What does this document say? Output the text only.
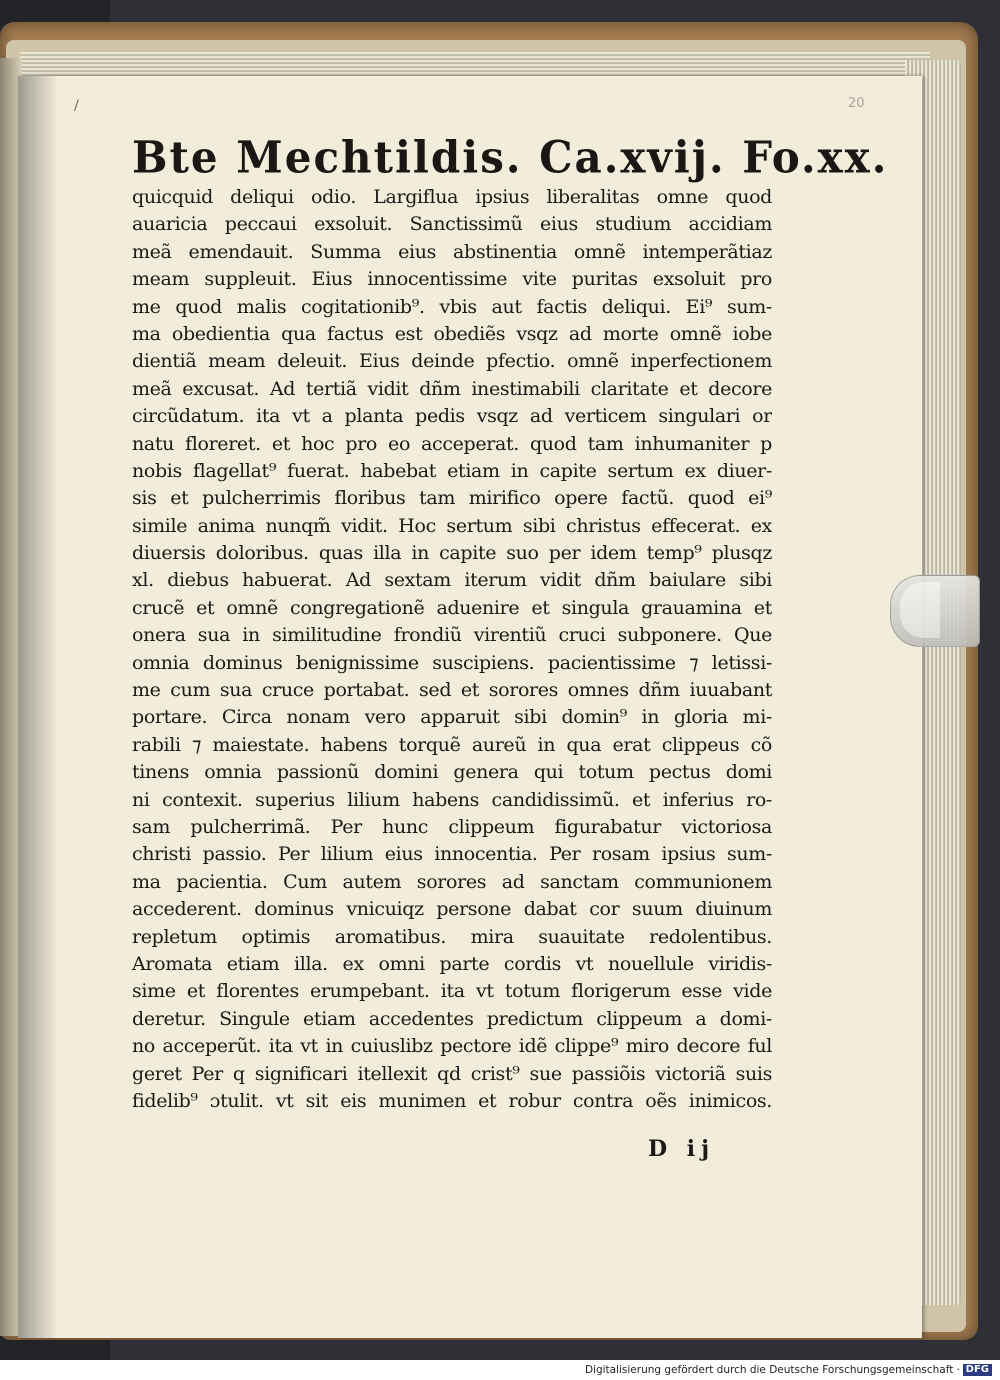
/	20
Bte Mechtildis. Ca.xvij. Fo.xx.
quicquid deliqui odio. Largiflua ipsius liberalitas omne quod
auaricia peccaui exsoluit. Sanctissimũ eius studium accidiam
meã emendauit. Summa eius abstinentia omnẽ intemperãtiaz
meam suppleuit. Eius innocentissime vite puritas exsoluit pro
me quod malis cogitationib⁹. vbis aut factis deliqui. Ei⁹ sum-
ma obedientia qua factus est obediẽs vsqz ad morte omnẽ iobe
dientiã meam deleuit. Eius deinde pfectio. omnẽ inperfectionem
meã excusat. Ad tertiã vidit dñm inestimabili claritate et decore
circũdatum. ita vt a planta pedis vsqz ad verticem singulari or
natu floreret. et hoc pro eo acceperat. quod tam inhumaniter p
nobis flagellat⁹ fuerat. habebat etiam in capite sertum ex diuer-
sis et pulcherrimis floribus tam mirifico opere factũ. quod ei⁹
simile anima nunqm̃ vidit. Hoc sertum sibi christus effecerat. ex
diuersis doloribus. quas illa in capite suo per idem temp⁹ plusqz
xl. diebus habuerat. Ad sextam iterum vidit dñm baiulare sibi
crucẽ et omnẽ congregationẽ aduenire et singula grauamina et
onera sua in similitudine frondiũ virentiũ cruci subponere. Que
omnia dominus benignissime suscipiens. pacientissime ⁊ letissi-
me cum sua cruce portabat. sed et sorores omnes dñm iuuabant
portare. Circa nonam vero apparuit sibi domin⁹ in gloria mi-
rabili ⁊ maiestate. habens torquẽ aureũ in qua erat clippeus cõ
tinens omnia passionũ domini genera qui totum pectus domi
ni contexit. superius lilium habens candidissimũ. et inferius ro-
sam pulcherrimã. Per hunc clippeum figurabatur victoriosa
christi passio. Per lilium eius innocentia. Per rosam ipsius sum-
ma pacientia. Cum autem sorores ad sanctam communionem
accederent. dominus vnicuiqz persone dabat cor suum diuinum
repletum optimis aromatibus. mira suauitate redolentibus.
Aromata etiam illa. ex omni parte cordis vt nouellule viridis-
sime et florentes erumpebant. ita vt totum florigerum esse vide
deretur. Singule etiam accedentes predictum clippeum a domi-
no acceperũt. ita vt in cuiuslibz pectore idẽ clippe⁹ miro decore ful
geret Per q significari itellexit qd crist⁹ sue passiõis victoriã suis
fidelib⁹ ɔtulit. vt sit eis munimen et robur contra oẽs inimicos.
D ij
Digitalisierung gefördert durch die Deutsche Forschungsgemeinschaft · DFG
